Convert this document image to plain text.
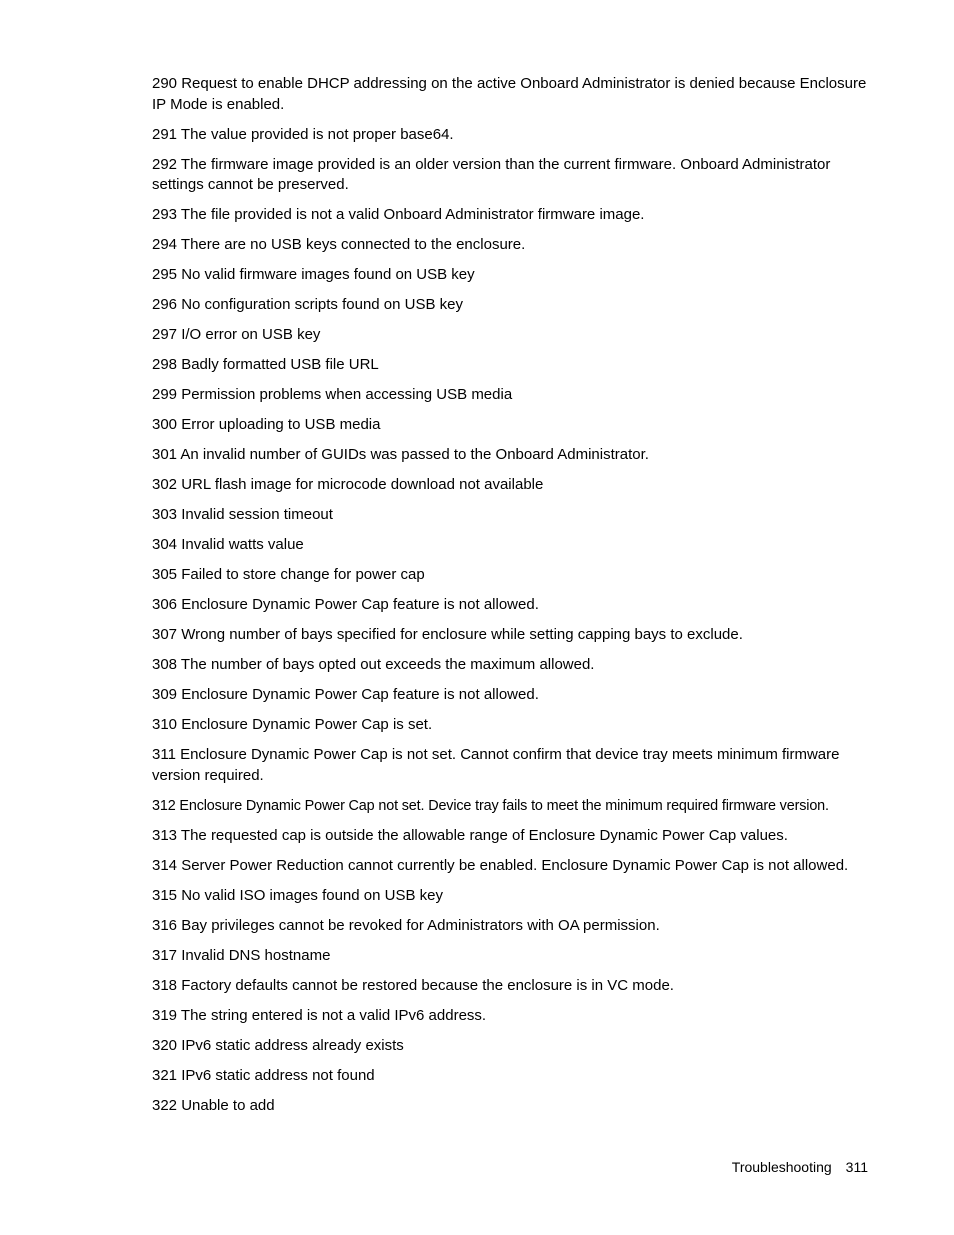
290 Request to enable DHCP addressing on the active Onboard Administrator is denied because Enclosure IP Mode is enabled.

291 The value provided is not proper base64.

292 The firmware image provided is an older version than the current firmware. Onboard Administrator settings cannot be preserved.

293 The file provided is not a valid Onboard Administrator firmware image.

294 There are no USB keys connected to the enclosure.

295 No valid firmware images found on USB key

296 No configuration scripts found on USB key

297 I/O error on USB key

298 Badly formatted USB file URL

299 Permission problems when accessing USB media

300 Error uploading to USB media

301 An invalid number of GUIDs was passed to the Onboard Administrator.

302 URL flash image for microcode download not available

303 Invalid session timeout

304 Invalid watts value

305 Failed to store change for power cap

306 Enclosure Dynamic Power Cap feature is not allowed.

307 Wrong number of bays specified for enclosure while setting capping bays to exclude.

308 The number of bays opted out exceeds the maximum allowed.

309 Enclosure Dynamic Power Cap feature is not allowed.

310 Enclosure Dynamic Power Cap is set.

311 Enclosure Dynamic Power Cap is not set. Cannot confirm that device tray meets minimum firmware version required.

312 Enclosure Dynamic Power Cap not set. Device tray fails to meet the minimum required firmware version.

313 The requested cap is outside the allowable range of Enclosure Dynamic Power Cap values.

314 Server Power Reduction cannot currently be enabled. Enclosure Dynamic Power Cap is not allowed.

315 No valid ISO images found on USB key

316 Bay privileges cannot be revoked for Administrators with OA permission.

317 Invalid DNS hostname

318 Factory defaults cannot be restored because the enclosure is in VC mode.

319 The string entered is not a valid IPv6 address.

320 IPv6 static address already exists

321 IPv6 static address not found

322 Unable to add

Troubleshooting 311
